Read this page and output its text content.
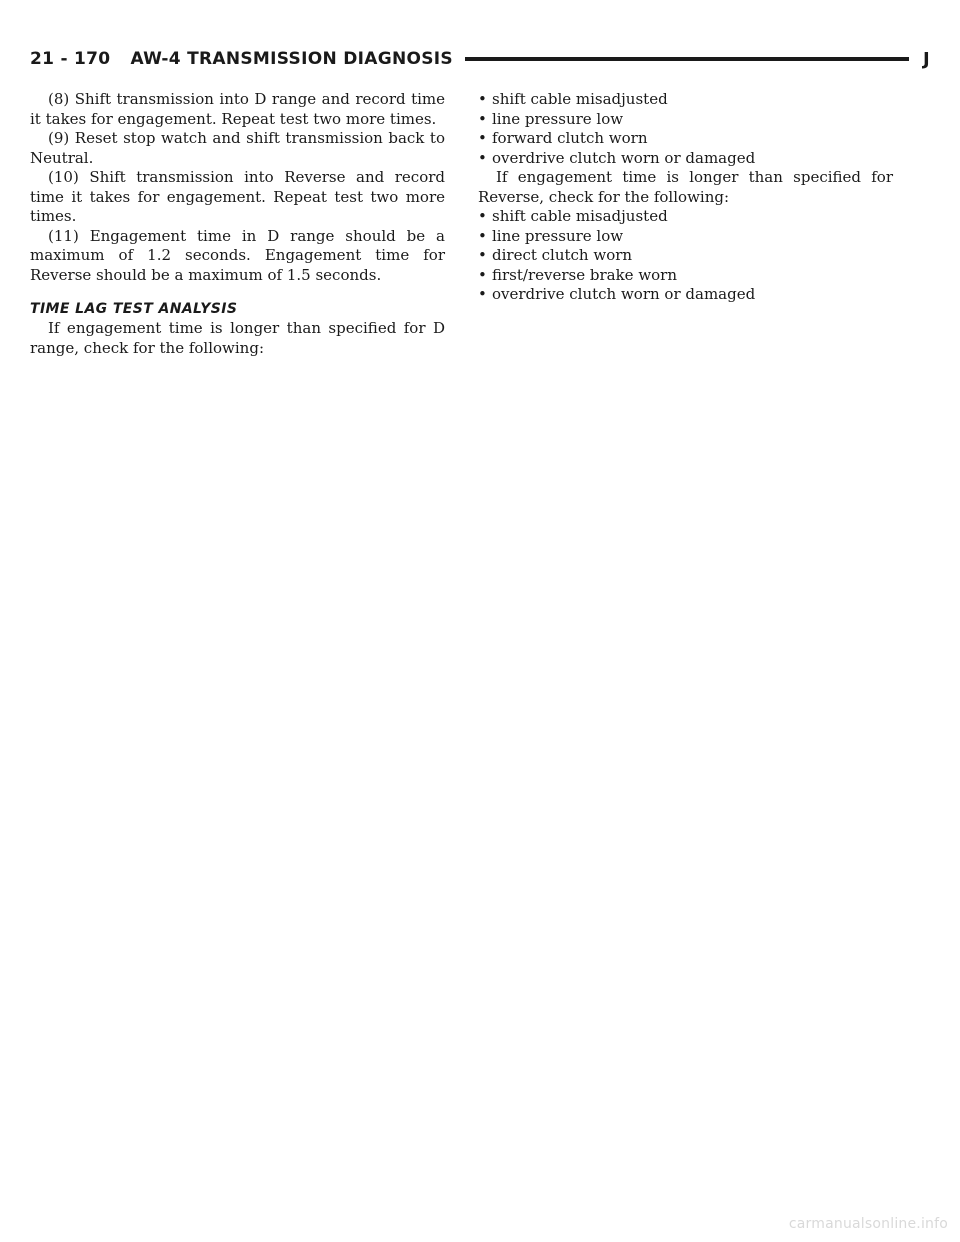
21 - 170 AW-4 TRANSMISSION DIAGNOSIS	J

(8) Shift transmission into D range and record time it takes for engagement. Repeat test two more times.

(9) Reset stop watch and shift transmission back to Neutral.

(10) Shift transmission into Reverse and record time it takes for engagement. Repeat test two more times.

(11) Engagement time in D range should be a maximum of 1.2 seconds. Engagement time for Reverse should be a maximum of 1.5 seconds.

TIME LAG TEST ANALYSIS

If engagement time is longer than specified for D range, check for the following:

• shift cable misadjusted
• line pressure low
• forward clutch worn
• overdrive clutch worn or damaged

If engagement time is longer than specified for Reverse, check for the following:

• shift cable misadjusted
• line pressure low
• direct clutch worn
• first/reverse brake worn
• overdrive clutch worn or damaged
carmanualsonline.info
